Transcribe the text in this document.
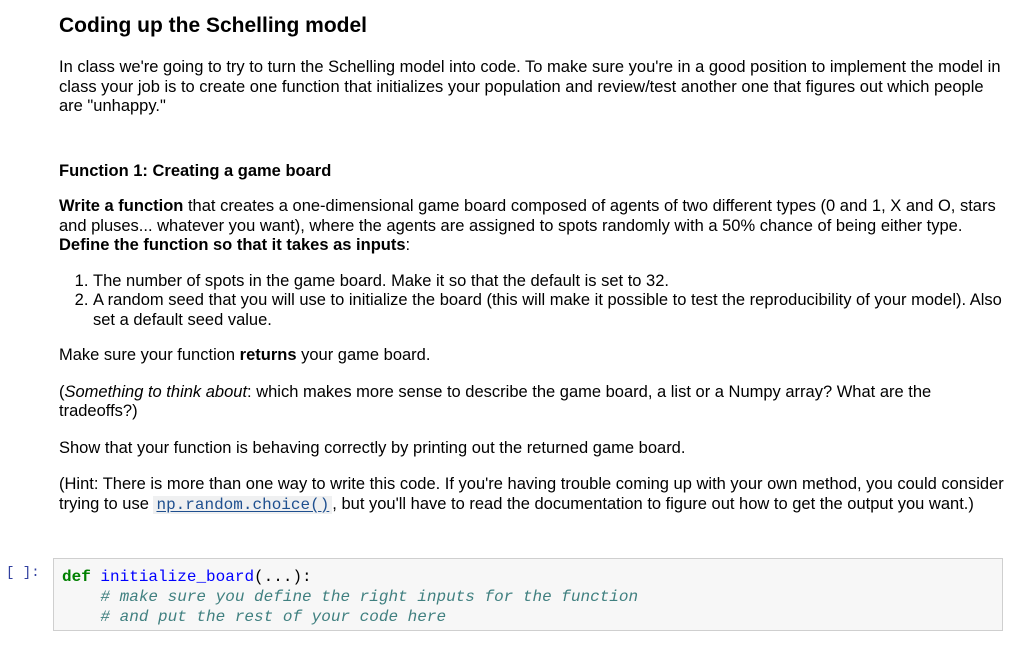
Coding up the Schelling model

In class we're going to try to turn the Schelling model into code. To make sure you're in a good position to implement the model in class your job is to create one function that initializes your population and review/test another one that figures out which people are "unhappy."

Function 1: Creating a game board

Write a function that creates a one-dimensional game board composed of agents of two different types (0 and 1, X and O, stars and pluses... whatever you want), where the agents are assigned to spots randomly with a 50% chance of being either type. Define the function so that it takes as inputs:

1. The number of spots in the game board. Make it so that the default is set to 32.
2. A random seed that you will use to initialize the board (this will make it possible to test the reproducibility of your model). Also set a default seed value.

Make sure your function returns your game board.

(Something to think about: which makes more sense to describe the game board, a list or a Numpy array? What are the tradeoffs?)

Show that your function is behaving correctly by printing out the returned game board.

(Hint: There is more than one way to write this code. If you're having trouble coming up with your own method, you could consider trying to use np.random.choice() , but you'll have to read the documentation to figure out how to get the output you want.)

[ ]:	def initialize_board(...):
# make sure you define the right inputs for the function
# and put the rest of your code here
